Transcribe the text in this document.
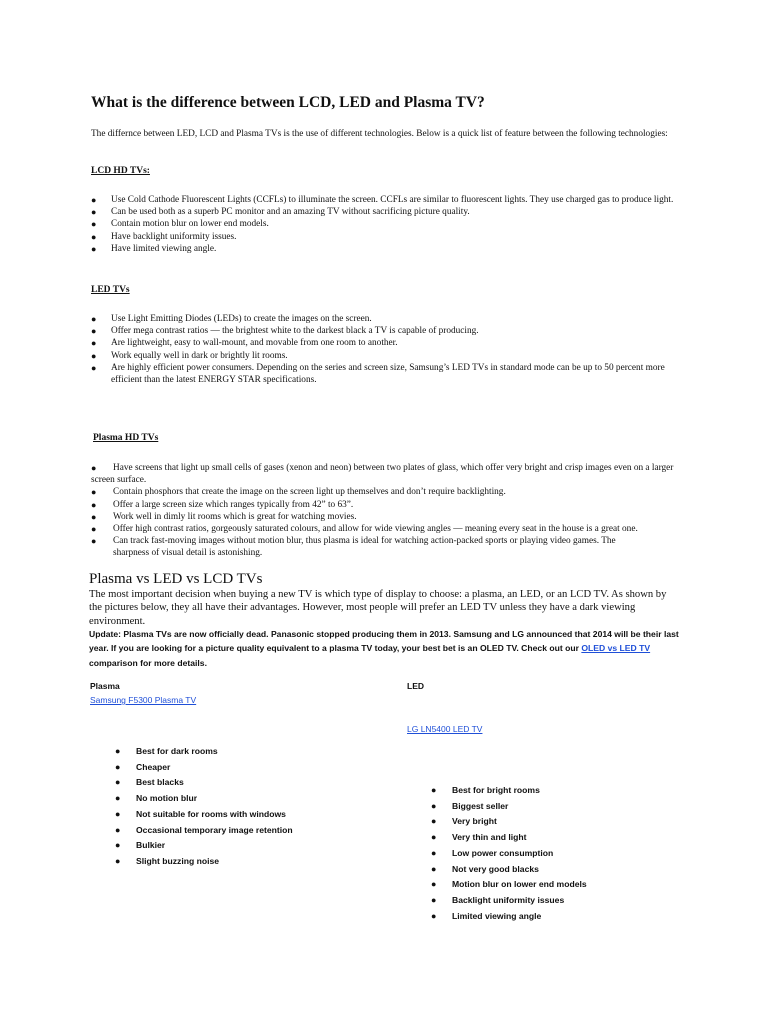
What is the difference between LCD, LED and Plasma TV?
The differnce between LED, LCD and Plasma TVs is the use of different technologies. Below is a quick list of feature between the following technologies:
LCD HD TVs:
● Use Cold Cathode Fluorescent Lights (CCFLs) to illuminate the screen. CCFLs are similar to fluorescent lights. They use charged gas to produce light.
● Can be used both as a superb PC monitor and an amazing TV without sacrificing picture quality.
● Contain motion blur on lower end models.
● Have backlight uniformity issues.
● Have limited viewing angle.
LED TVs
● Use Light Emitting Diodes (LEDs) to create the images on the screen.
● Offer mega contrast ratios — the brightest white to the darkest black a TV is capable of producing.
● Are lightweight, easy to wall-mount, and movable from one room to another.
● Work equally well in dark or brightly lit rooms.
● Are highly efficient power consumers. Depending on the series and screen size, Samsung’s LED TVs in standard mode can be up to 50 percent more efficient than the latest ENERGY STAR specifications.
Plasma HD TVs
● Have screens that light up small cells of gases (xenon and neon) between two plates of glass, which offer very bright and crisp images even on a larger screen surface.
● Contain phosphors that create the image on the screen light up themselves and don’t require backlighting.
● Offer a large screen size which ranges typically from 42” to 63”.
● Work well in dimly lit rooms which is great for watching movies.
● Offer high contrast ratios, gorgeously saturated colours, and allow for wide viewing angles — meaning every seat in the house is a great one.
● Can track fast-moving images without motion blur, thus plasma is ideal for watching action-packed sports or playing video games. The sharpness of visual detail is astonishing.
Plasma vs LED vs LCD TVs
The most important decision when buying a new TV is which type of display to choose: a plasma, an LED, or an LCD TV. As shown by the pictures below, they all have their advantages. However, most people will prefer an LED TV unless they have a dark viewing environment.
Update: Plasma TVs are now officially dead. Panasonic stopped producing them in 2013. Samsung and LG announced that 2014 will be their last year. If you are looking for a picture quality equivalent to a plasma TV today, your best bet is an OLED TV. Check out our OLED vs LED TV comparison for more details.
Plasma
Samsung F5300 Plasma TV
● Best for dark rooms
● Cheaper
● Best blacks
● No motion blur
● Not suitable for rooms with windows
● Occasional temporary image retention
● Bulkier
● Slight buzzing noise
LED
LG LN5400 LED TV
● Best for bright rooms
● Biggest seller
● Very bright
● Very thin and light
● Low power consumption
● Not very good blacks
● Motion blur on lower end models
● Backlight uniformity issues
● Limited viewing angle
